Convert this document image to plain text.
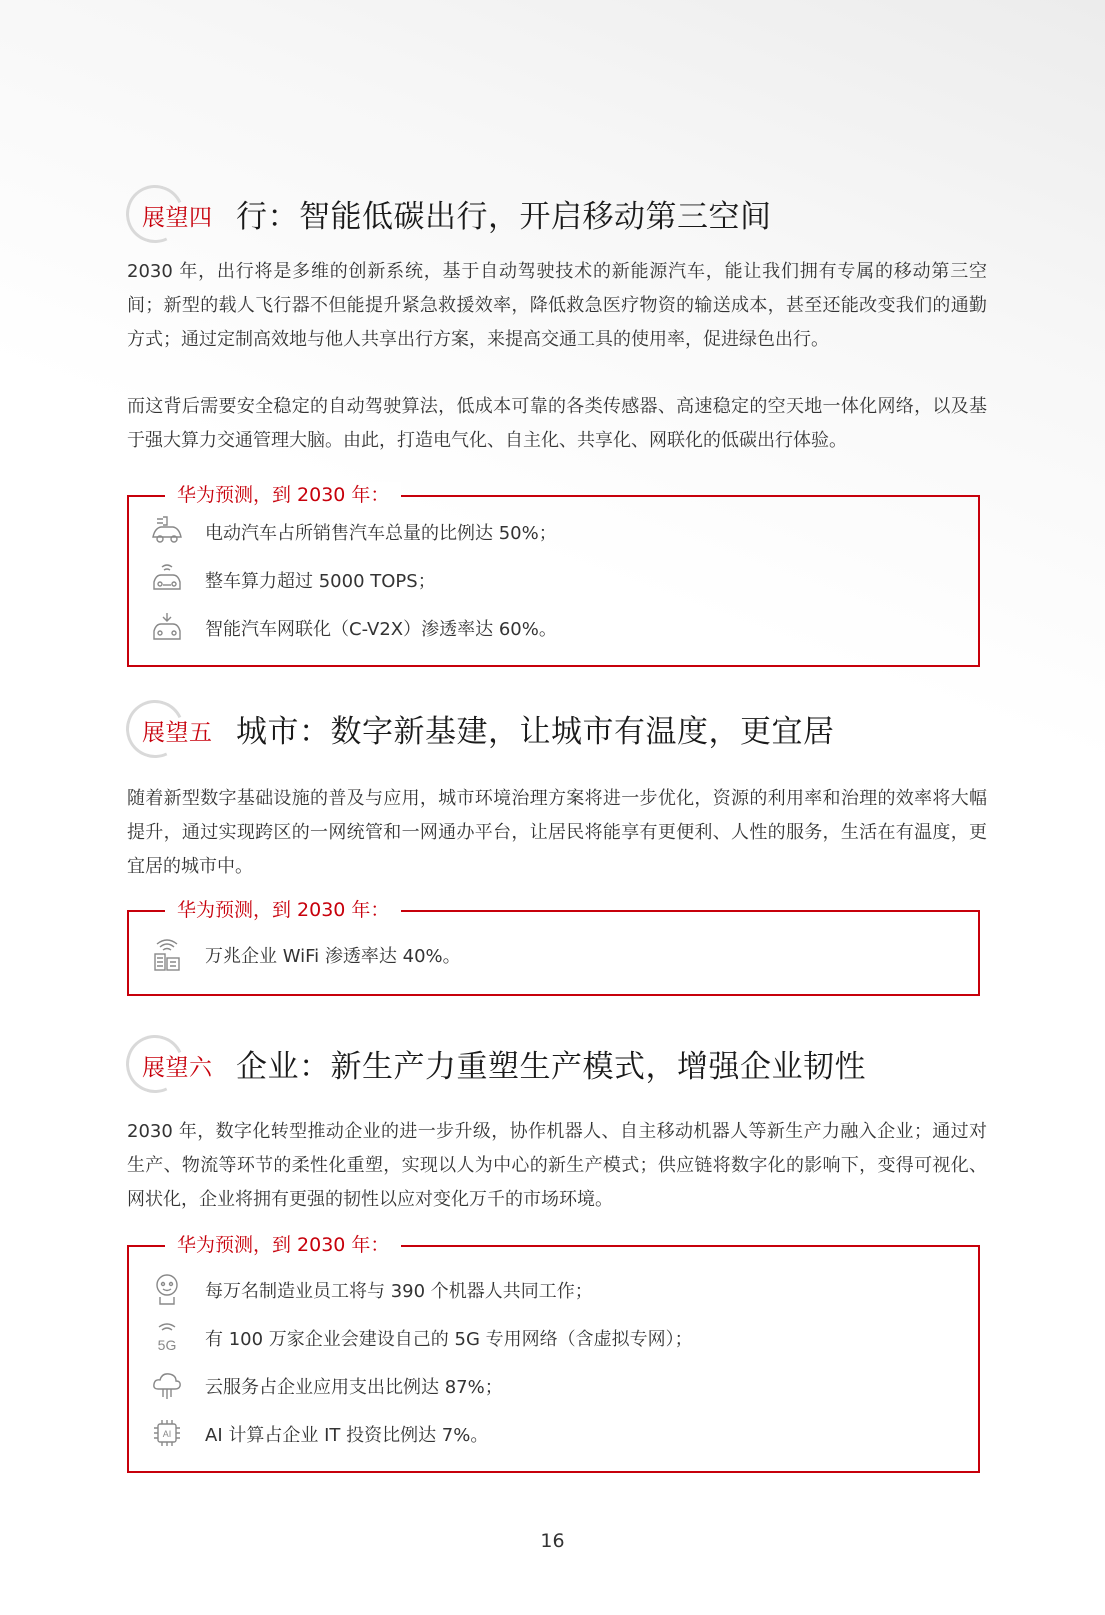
展望四 行：智能低碳出行，开启移动第三空间

2030 年，出行将是多维的创新系统，基于自动驾驶技术的新能源汽车，能让我们拥有专属的移动第三空间；新型的载人飞行器不但能提升紧急救援效率，降低救急医疗物资的输送成本，甚至还能改变我们的通勤方式；通过定制高效地与他人共享出行方案，来提高交通工具的使用率，促进绿色出行。

而这背后需要安全稳定的自动驾驶算法，低成本可靠的各类传感器、高速稳定的空天地一体化网络，以及基于强大算力交通管理大脑。由此，打造电气化、自主化、共享化、网联化的低碳出行体验。

华为预测，到 2030 年：
电动汽车占所销售汽车总量的比例达 50%；
整车算力超过 5000 TOPS；
智能汽车网联化（C-V2X）渗透率达 60%。
展望五 城市：数字新基建，让城市有温度，更宜居

随着新型数字基础设施的普及与应用，城市环境治理方案将进一步优化，资源的利用率和治理的效率将大幅提升，通过实现跨区的一网统管和一网通办平台，让居民将能享有更便利、人性的服务，生活在有温度，更宜居的城市中。

华为预测，到 2030 年：
万兆企业 WiFi 渗透率达 40%。
展望六 企业：新生产力重塑生产模式，增强企业韧性

2030 年，数字化转型推动企业的进一步升级，协作机器人、自主移动机器人等新生产力融入企业；通过对生产、物流等环节的柔性化重塑，实现以人为中心的新生产模式；供应链将数字化的影响下，变得可视化、网状化，企业将拥有更强的韧性以应对变化万千的市场环境。

华为预测，到 2030 年：
每万名制造业员工将与 390 个机器人共同工作；
5G 有 100 万家企业会建设自己的 5G 专用网络（含虚拟专网）；
云服务占企业应用支出比例达 87%；
AI AI 计算占企业 IT 投资比例达 7%。
16
